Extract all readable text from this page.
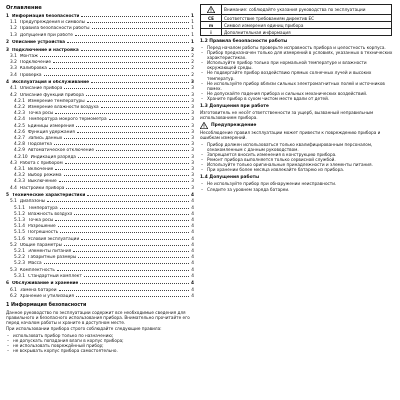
Оглавление
1 Информация безопасности	1
1.1 Предупреждения и символы	1
1.2 Правила безопасности работы	1
1.3 Допущения при работе	1
2 Описание устройства	1
3 Подключение и настройка	2
3.1 Монтаж	2
3.2 Подключение	2
3.3 Калибровка	2
3.4 Проверка	2
4 Эксплуатация и обслуживание	3
4.1 Описание прибора	3
4.2 Описание функций прибора	3
4.2.1 Измерение температуры	3
4.2.2 Измерение влажности воздуха	3
4.2.3 Точка росы	3
4.2.4 Температура мокрого термометра	3
4.2.5 Единицы измерения	3
4.2.6 Функция удержания	3
4.2.7 Запись данных	3
4.2.8 Подсветка	3
4.2.9 Автоматическое отключение	3
4.2.10 Индикация разряда	3
4.3 Работа с прибором	3
4.3.1 Включение	3
4.3.2 Выбор режима	3
4.3.3 Выключение	3
4.4 Настройки прибора	3
5 Технические характеристики	4
5.1 Диапазоны	4
5.1.1 Температура	4
5.1.2 Влажность воздуха	4
5.1.3 Точка росы	4
5.1.4 Разрешение	4
5.1.5 Погрешность	4
5.1.6 Условия эксплуатации	4
5.2 Общие параметры	4
5.2.1 Элементы питания	4
5.2.2 Габаритные размеры	4
5.2.3 Масса	4
5.3 Комплектность	4
5.3.1 Стандартный комплект	4
6 Обслуживание и хранение	4
6.1 Замена батареи	4
6.2 Хранение и утилизация	4
1 Информация безопасности

Данное руководство по эксплуатации содержит все необходимые сведения для правильного и безопасного использования прибора. Внимательно прочитайте его перед началом работы и храните в доступном месте.

При использовании прибора строго соблюдайте следующие правила:

– использовать прибор только по назначению;
– не допускать попадания влаги в корпус прибора;
– не использовать повреждённый прибор;
– не вскрывать корпус прибора самостоятельно.
	Внимание: соблюдайте указания руководства по эксплуатации
CE	Соответствие требованиям директив ЕС
m	Символ измерения единиц прибора
i	Дополнительная информация
1.2 Правила безопасности работы
– Перед началом работы проверьте исправность прибора и целостность корпуса.
– Прибор предназначен только для измерений в условиях, указанных в технических характеристиках.
– Используйте прибор только при нормальной температуре и влажности окружающей среды.
– Не подвергайте прибор воздействию прямых солнечных лучей и высоких температур.
– Не используйте прибор вблизи сильных электромагнитных полей и источников помех.
– Не допускайте падения прибора и сильных механических воздействий.
– Храните прибор в сухом чистом месте вдали от детей.
1.3 Допущения при работе

Изготовитель не несёт ответственности за ущерб, вызванный неправильным использованием прибора.

Предупреждение

Несоблюдение правил эксплуатации может привести к повреждению прибора и ошибкам измерений.

– Прибор должен использоваться только квалифицированным персоналом, ознакомленным с данным руководством.
– Запрещается вносить изменения в конструкцию прибора.
– Ремонт прибора выполняется только сервисной службой.
– Используйте только оригинальные принадлежности и элементы питания.
– При хранении более месяца извлекайте батарею из прибора.
1.4 Допущения работы
– Не используйте прибор при обнаружении неисправности.
– Следите за уровнем заряда батареи.
